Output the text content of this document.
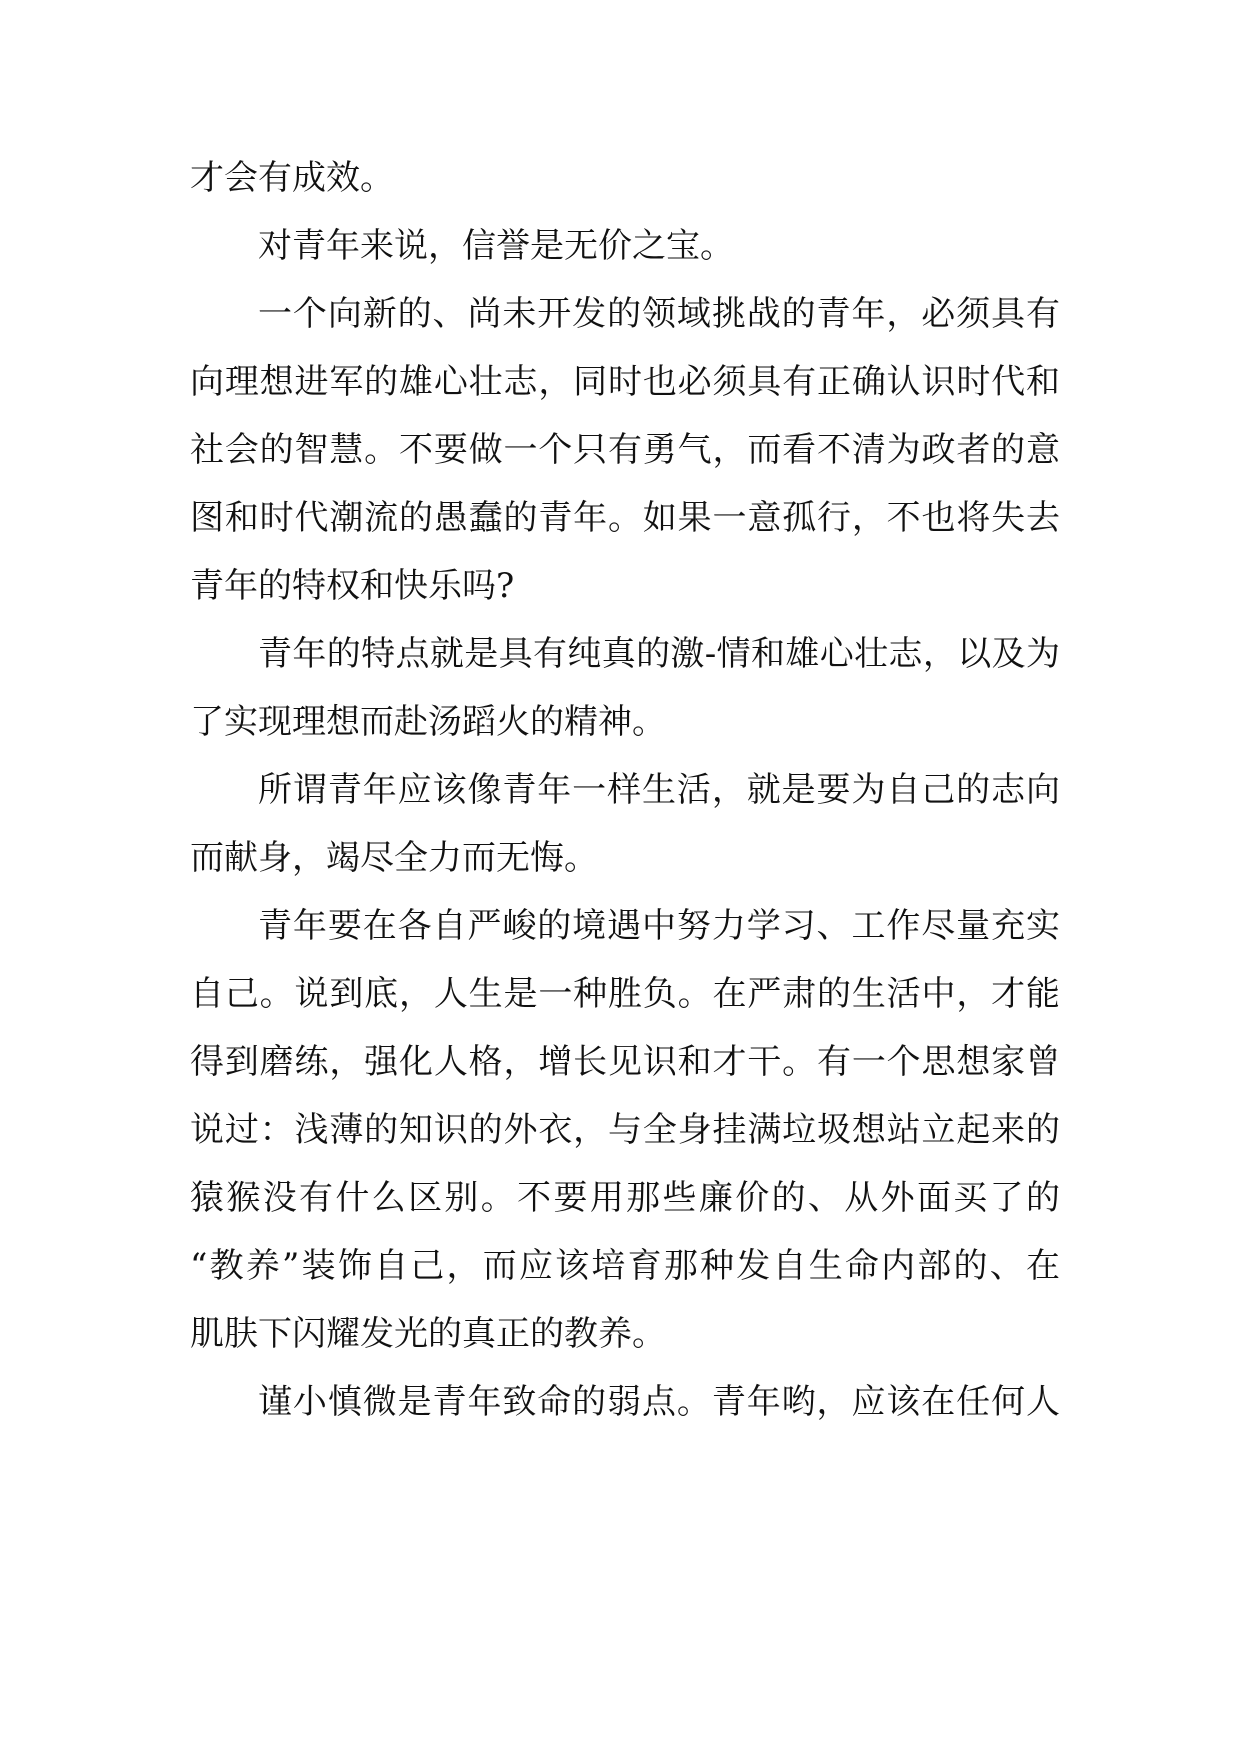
才会有成效。
对青年来说，信誉是无价之宝。
一个向新的、尚未开发的领域挑战的青年，必须具有
向理想进军的雄心壮志，同时也必须具有正确认识时代和
社会的智慧。不要做一个只有勇气，而看不清为政者的意
图和时代潮流的愚蠢的青年。如果一意孤行，不也将失去
青年的特权和快乐吗?
青年的特点就是具有纯真的激-情和雄心壮志，以及为
了实现理想而赴汤蹈火的精神。
所谓青年应该像青年一样生活，就是要为自己的志向
而献身，竭尽全力而无悔。
青年要在各自严峻的境遇中努力学习、工作尽量充实
自己。说到底，人生是一种胜负。在严肃的生活中，才能
得到磨练，强化人格，增长见识和才干。有一个思想家曾
说过：浅薄的知识的外衣，与全身挂满垃圾想站立起来的
猿猴没有什么区别。不要用那些廉价的、从外面买了的
“教养”装饰自己，而应该培育那种发自生命内部的、在
肌肤下闪耀发光的真正的教养。
谨小慎微是青年致命的弱点。青年哟，应该在任何人
